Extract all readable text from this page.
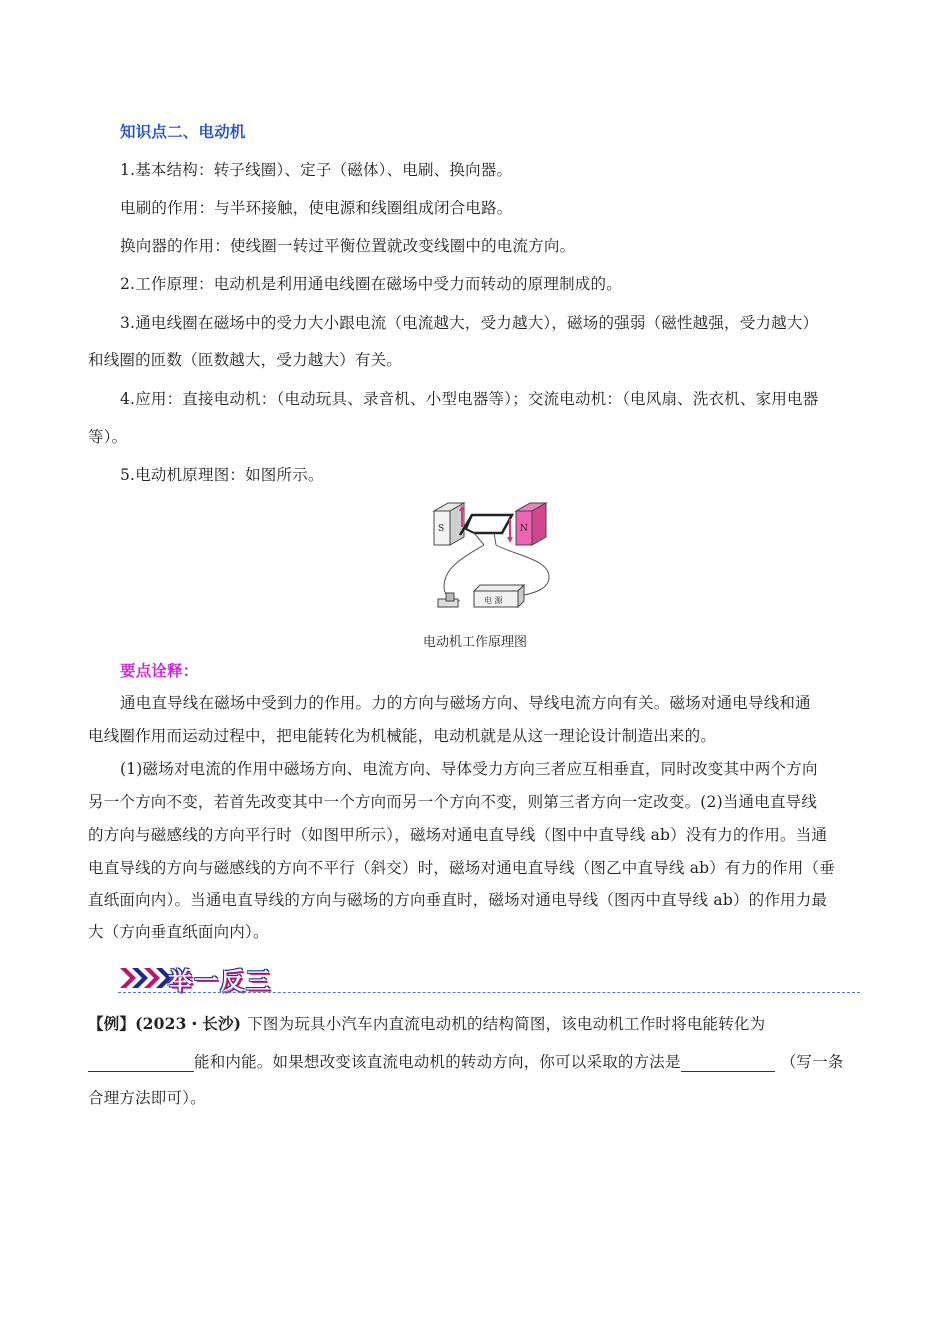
知识点二、电动机
1.基本结构：转子线圈）、定子（磁体）、电刷、换向器。
电刷的作用：与半环接触，使电源和线圈组成闭合电路。
换向器的作用：使线圈一转过平衡位置就改变线圈中的电流方向。
2.工作原理：电动机是利用通电线圈在磁场中受力而转动的原理制成的。
3.通电线圈在磁场中的受力大小跟电流（电流越大，受力越大），磁场的强弱（磁性越强，受力越大）
和线圈的匝数（匝数越大，受力越大）有关。
4.应用：直接电动机：（电动玩具、录音机、小型电器等）；交流电动机：（电风扇、洗衣机、家用电器
等）。
5.电动机原理图：如图所示。
电 源
S	N
电动机工作原理图
要点诠释：
通电直导线在磁场中受到力的作用。力的方向与磁场方向、导线电流方向有关。磁场对通电导线和通
电线圈作用而运动过程中，把电能转化为机械能，电动机就是从这一理论设计制造出来的。
(1)磁场对电流的作用中磁场方向、电流方向、导体受力方向三者应互相垂直，同时改变其中两个方向
另一个方向不变，若首先改变其中一个方向而另一个方向不变，则第三者方向一定改变。(2)当通电直导线
的方向与磁感线的方向平行时（如图甲所示），磁场对通电直导线（图中中直导线 ab）没有力的作用。当通
电直导线的方向与磁感线的方向不平行（斜交）时，磁场对通电直导线（图乙中直导线 ab）有力的作用（垂
直纸面向内）。当通电直导线的方向与磁场的方向垂直时，磁场对通电导线（图丙中直导线 ab）的作用力最
大（方向垂直纸面向内）。
举一反三
【例】(2023・长沙) 下图为玩具小汽车内直流电动机的结构简图，该电动机工作时将电能转化为
能和内能。如果想改变该直流电动机的转动方向，你可以采取的方法是	（写一条
合理方法即可）。
